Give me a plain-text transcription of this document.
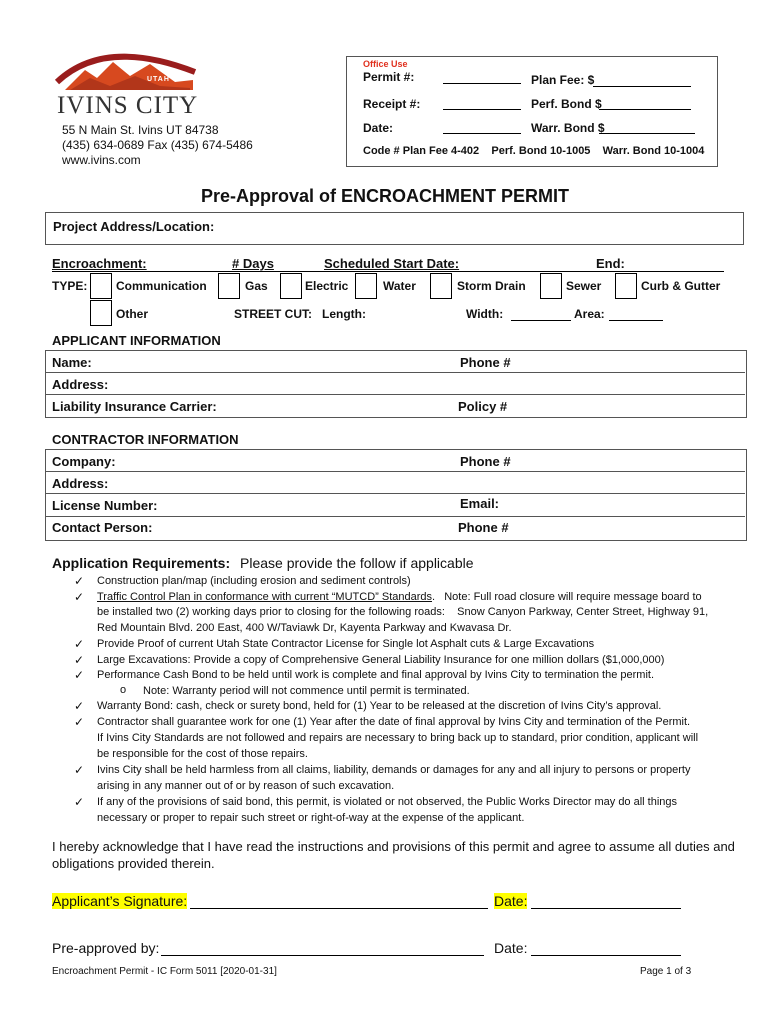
UTAH
IVINS CITY
55 N Main St. Ivins UT 84738
(435) 634-0689 Fax (435) 674-5486
www.ivins.com
Office Use
Permit #:	Plan Fee: $
Receipt #:	Perf. Bond $
Date:	Warr. Bond $
Code # Plan Fee 4-402    Perf. Bond 10-1005    Warr. Bond 10-1004
Pre-Approval of ENCROACHMENT PERMIT
Project Address/Location:
Encroachment:	# Days	Scheduled Start Date:	End:
TYPE: Communication	Gas	Electric	Water	Storm Drain	Sewer	Curb & Gutter
Other	STREET CUT:   Length:	Width:	Area:
APPLICANT INFORMATION
Name:	Phone #
Address:
Liability Insurance Carrier:	Policy #
CONTRACTOR INFORMATION
Company:	Phone #
Address:
License Number:	Email:
Contact Person:	Phone #
Application Requirements: Please provide the follow if applicable
✓ Construction plan/map (including erosion and sediment controls)
✓ Traffic Control Plan in conformance with current “MUTCD” Standards.   Note: Full road closure will require message board to
be installed two (2) working days prior to closing for the following roads:    Snow Canyon Parkway, Center Street, Highway 91,
Red Mountain Blvd. 200 East, 400 W/Taviawk Dr, Kayenta Parkway and Kwavasa Dr.
✓ Provide Proof of current Utah State Contractor License for Single lot Asphalt cuts & Large Excavations
✓ Large Excavations: Provide a copy of Comprehensive General Liability Insurance for one million dollars ($1,000,000)
✓ Performance Cash Bond to be held until work is complete and final approval by Ivins City to termination the permit.
o Note: Warranty period will not commence until permit is terminated.
✓ Warranty Bond: cash, check or surety bond, held for (1) Year to be released at the discretion of Ivins City’s approval.
✓ Contractor shall guarantee work for one (1) Year after the date of final approval by Ivins City and termination of the Permit.
If Ivins City Standards are not followed and repairs are necessary to bring back up to standard, prior condition, applicant will
be responsible for the cost of those repairs.
✓ Ivins City shall be held harmless from all claims, liability, demands or damages for any and all injury to persons or property
arising in any manner out of or by reason of such excavation.
✓ If any of the provisions of said bond, this permit, is violated or not observed, the Public Works Director may do all things
necessary or proper to repair such street or right-of-way at the expense of the applicant.
I hereby acknowledge that I have read the instructions and provisions of this permit and agree to assume all duties and obligations provided therein.
Applicant’s Signature:	Date:
Pre-approved by:	Date:
Encroachment Permit - IC Form 5011 [2020-01-31]	Page 1 of 3
